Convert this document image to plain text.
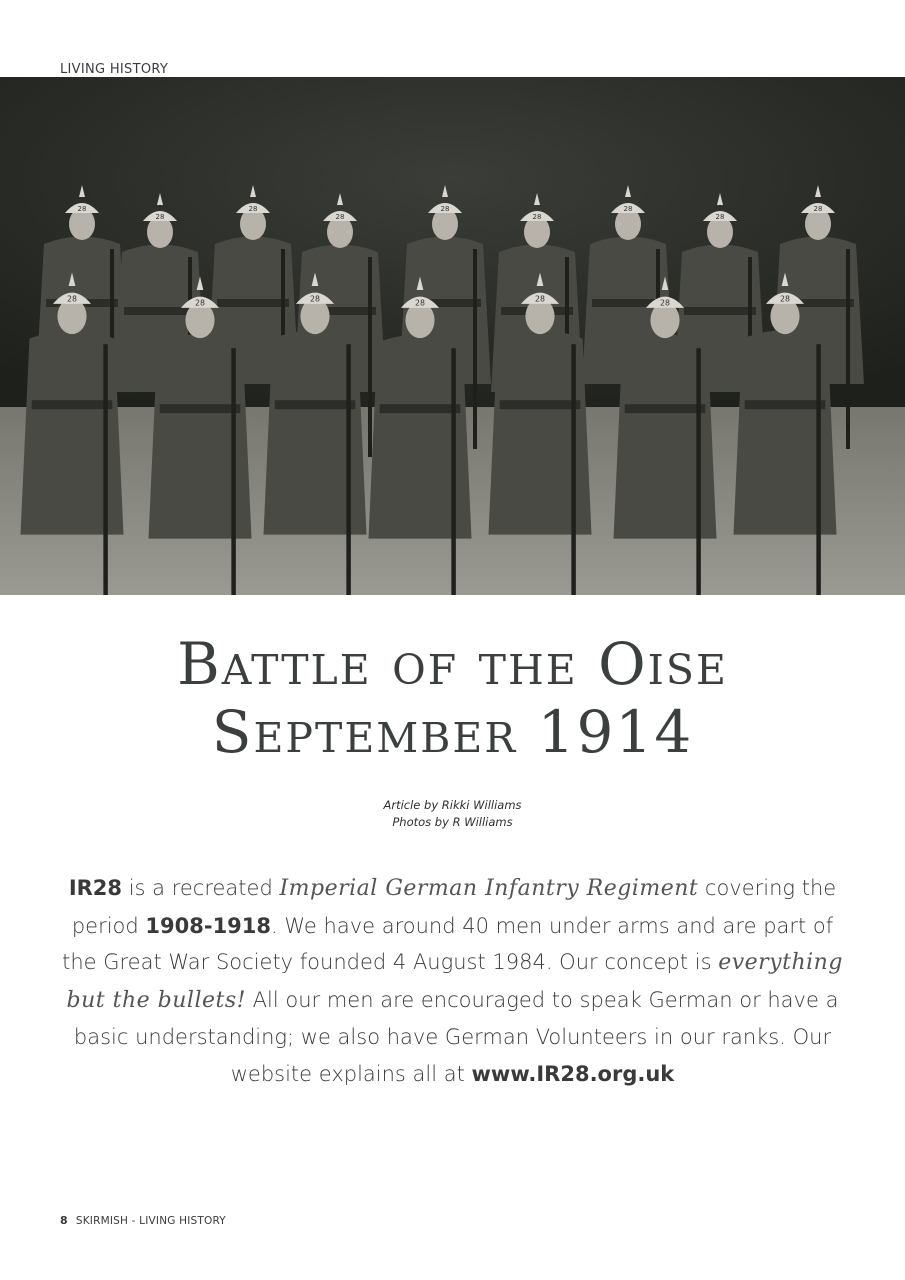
LIVING HISTORY
28
28
28
28
28
28
28
28
28
28	28	28	28	28	28	28
Battle of the Oise
September 1914
Article by Rikki Williams
Photos by R Williams
IR28 is a recreated Imperial German Infantry Regiment covering the period 1908-1918. We have around 40 men under arms and are part of the Great War Society founded 4 August 1984. Our concept is everything but the bullets! All our men are encouraged to speak German or have a basic understanding; we also have German Volunteers in our ranks. Our website explains all at www.IR28.org.uk
8 SKIRMISH - LIVING HISTORY
